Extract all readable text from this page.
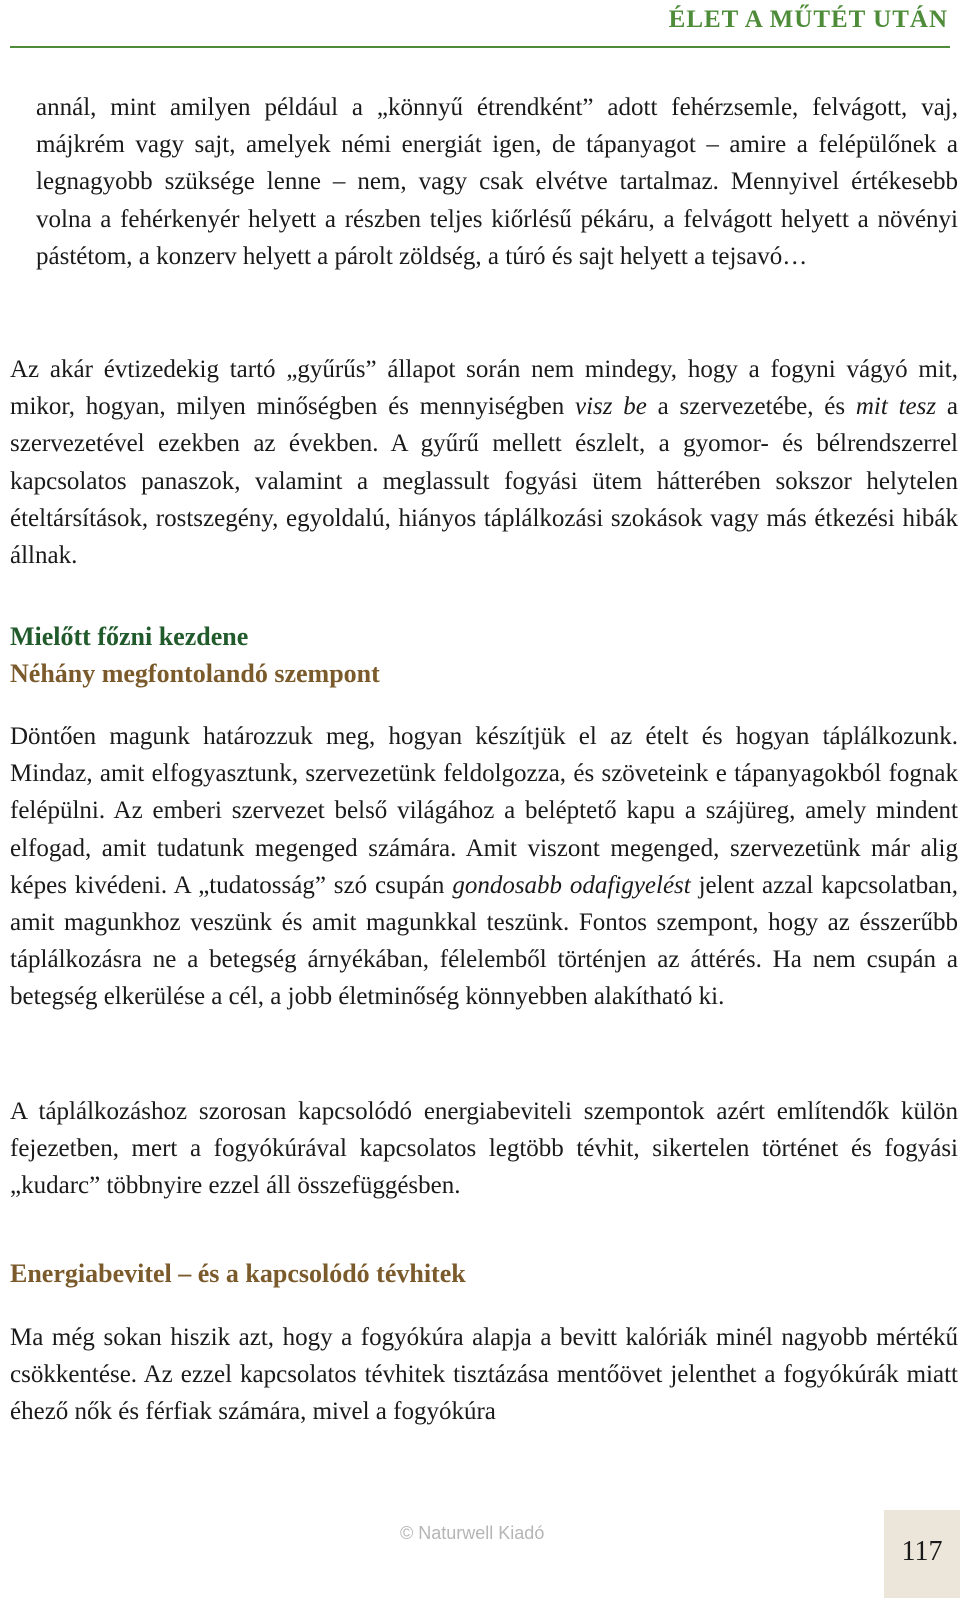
ÉLET A MŰTÉT UTÁN

annál, mint amilyen például a „könnyű étrendként” adott fehérzsemle, felvágott, vaj, májkrém vagy sajt, amelyek némi energiát igen, de tápanyagot – amire a felépülőnek a legnagyobb szüksége lenne – nem, vagy csak elvétve tartalmaz. Mennyivel értékesebb volna a fehérkenyér helyett a részben teljes kiőrlésű pékáru, a felvágott helyett a növényi pástétom, a konzerv helyett a párolt zöldség, a túró és sajt helyett a tejsavó…

Az akár évtizedekig tartó „gyűrűs” állapot során nem mindegy, hogy a fogyni vágyó mit, mikor, hogyan, milyen minőségben és mennyiségben visz be a szervezetébe, és mit tesz a szervezetével ezekben az években. A gyűrű mellett észlelt, a gyomor- és bélrendszerrel kapcsolatos panaszok, valamint a meglassult fogyási ütem hátterében sokszor helytelen ételtársítások, rostszegény, egyoldalú, hiányos táplálkozási szokások vagy más étkezési hibák állnak.

Mielőtt főzni kezdene
Néhány megfontolandó szempont

Döntően magunk határozzuk meg, hogyan készítjük el az ételt és hogyan táplálkozunk. Mindaz, amit elfogyasztunk, szervezetünk feldolgozza, és szöveteink e tápanyagokból fognak felépülni. Az emberi szervezet belső világához a beléptető kapu a szájüreg, amely mindent elfogad, amit tudatunk megenged számára. Amit viszont megenged, szervezetünk már alig képes kivédeni. A „tudatosság” szó csupán gondosabb odafigyelést jelent azzal kapcsolatban, amit magunkhoz veszünk és amit magunkkal teszünk. Fontos szempont, hogy az ésszerűbb táplálkozásra ne a betegség árnyékában, félelemből történjen az áttérés. Ha nem csupán a betegség elkerülése a cél, a jobb életminőség könnyebben alakítható ki.

A táplálkozáshoz szorosan kapcsolódó energiabeviteli szempontok azért említendők külön fejezetben, mert a fogyókúrával kapcsolatos legtöbb tévhit, sikertelen történet és fogyási „kudarc” többnyire ezzel áll összefüggésben.

Energiabevitel – és a kapcsolódó tévhitek

Ma még sokan hiszik azt, hogy a fogyókúra alapja a bevitt kalóriák minél nagyobb mértékű csökkentése. Az ezzel kapcsolatos tévhitek tisztázása mentőövet jelenthet a fogyókúrák miatt éhező nők és férfiak számára, mivel a fogyókúra

© Naturwell Kiadó
117
